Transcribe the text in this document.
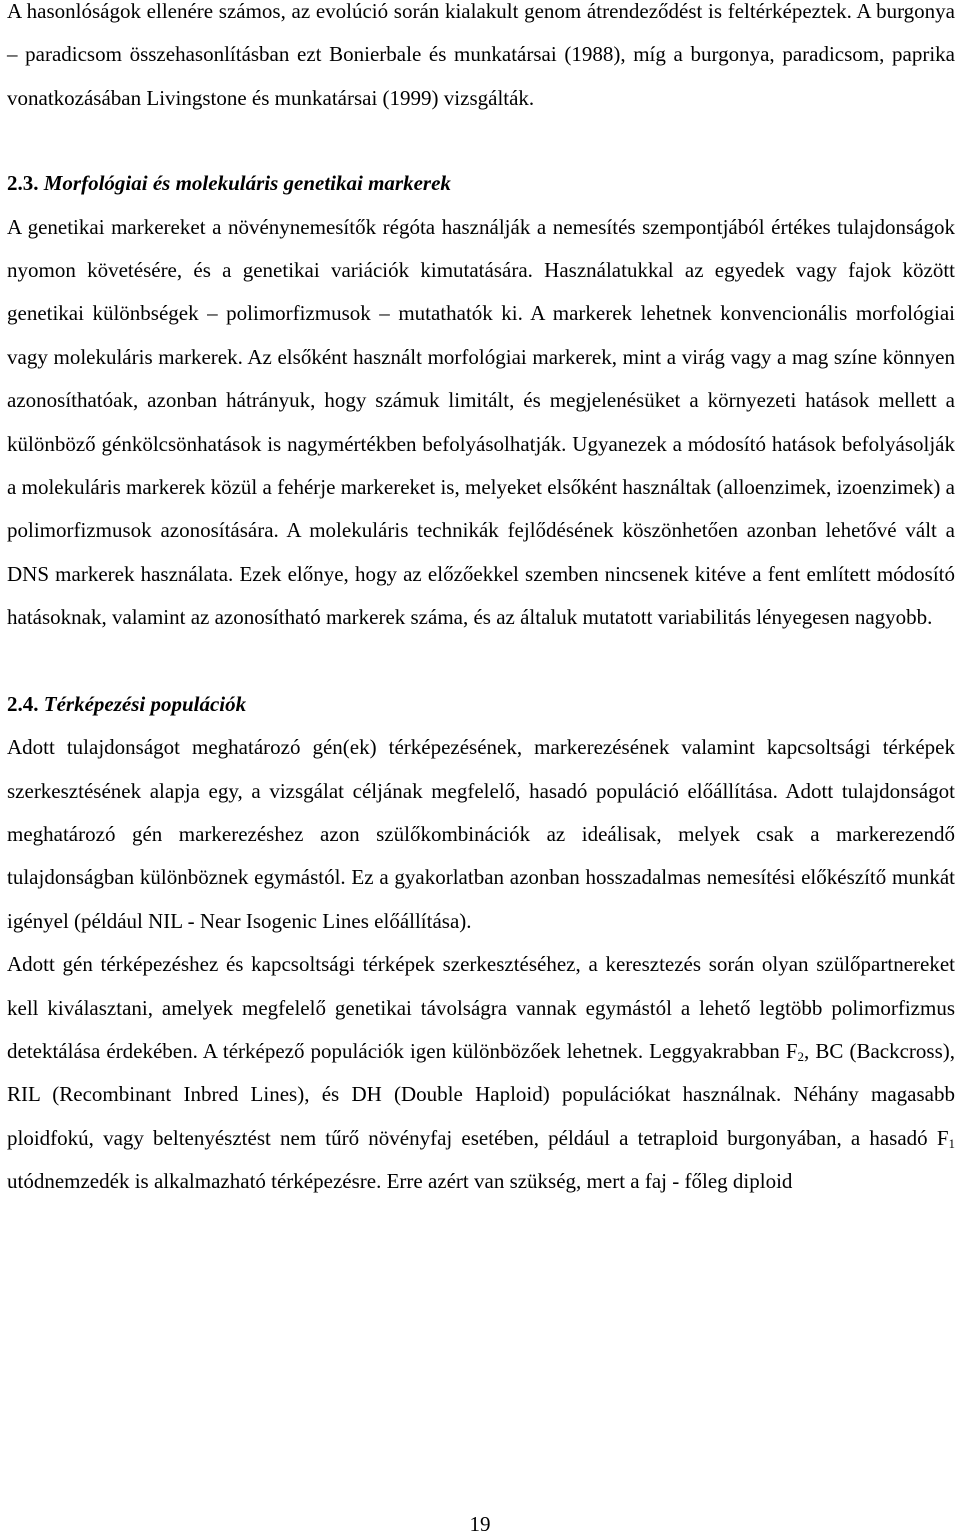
A hasonlóságok ellenére számos, az evolúció során kialakult genom átrendeződést is feltérképeztek. A burgonya – paradicsom összehasonlításban ezt Bonierbale és munkatársai (1988), míg a burgonya, paradicsom, paprika vonatkozásában Livingstone és munkatársai (1999) vizsgálták.

2.3. Morfológiai és molekuláris genetikai markerek

A genetikai markereket a növénynemesítők régóta használják a nemesítés szempontjából értékes tulajdonságok nyomon követésére, és a genetikai variációk kimutatására. Használatukkal az egyedek vagy fajok között genetikai különbségek – polimorfizmusok – mutathatók ki. A markerek lehetnek konvencionális morfológiai vagy molekuláris markerek. Az elsőként használt morfológiai markerek, mint a virág vagy a mag színe könnyen azonosíthatóak, azonban hátrányuk, hogy számuk limitált, és megjelenésüket a környezeti hatások mellett a különböző génkölcsönhatások is nagymértékben befolyásolhatják. Ugyanezek a módosító hatások befolyásolják a molekuláris markerek közül a fehérje markereket is, melyeket elsőként használtak (alloenzimek, izoenzimek) a polimorfizmusok azonosítására. A molekuláris technikák fejlődésének köszönhetően azonban lehetővé vált a DNS markerek használata. Ezek előnye, hogy az előzőekkel szemben nincsenek kitéve a fent említett módosító hatásoknak, valamint az azonosítható markerek száma, és az általuk mutatott variabilitás lényegesen nagyobb.

2.4. Térképezési populációk

Adott tulajdonságot meghatározó gén(ek) térképezésének, markerezésének valamint kapcsoltsági térképek szerkesztésének alapja egy, a vizsgálat céljának megfelelő, hasadó populáció előállítása. Adott tulajdonságot meghatározó gén markerezéshez azon szülőkombinációk az ideálisak, melyek csak a markerezendő tulajdonságban különböznek egymástól. Ez a gyakorlatban azonban hosszadalmas nemesítési előkészítő munkát igényel (például NIL - Near Isogenic Lines előállítása).

Adott gén térképezéshez és kapcsoltsági térképek szerkesztéséhez, a keresztezés során olyan szülőpartnereket kell kiválasztani, amelyek megfelelő genetikai távolságra vannak egymástól a lehető legtöbb polimorfizmus detektálása érdekében. A térképező populációk igen különbözőek lehetnek. Leggyakrabban $F_2$, BC (Backcross), RIL (Recombinant Inbred Lines), és DH (Double Haploid) populációkat használnak. Néhány magasabb ploidfokú, vagy beltenyésztést nem tűrő növényfaj esetében, például a tetraploid burgonyában, a hasadó $F_1$ utódnemzedék is alkalmazható térképezésre. Erre azért van szükség, mert a faj - főleg diploid

19
